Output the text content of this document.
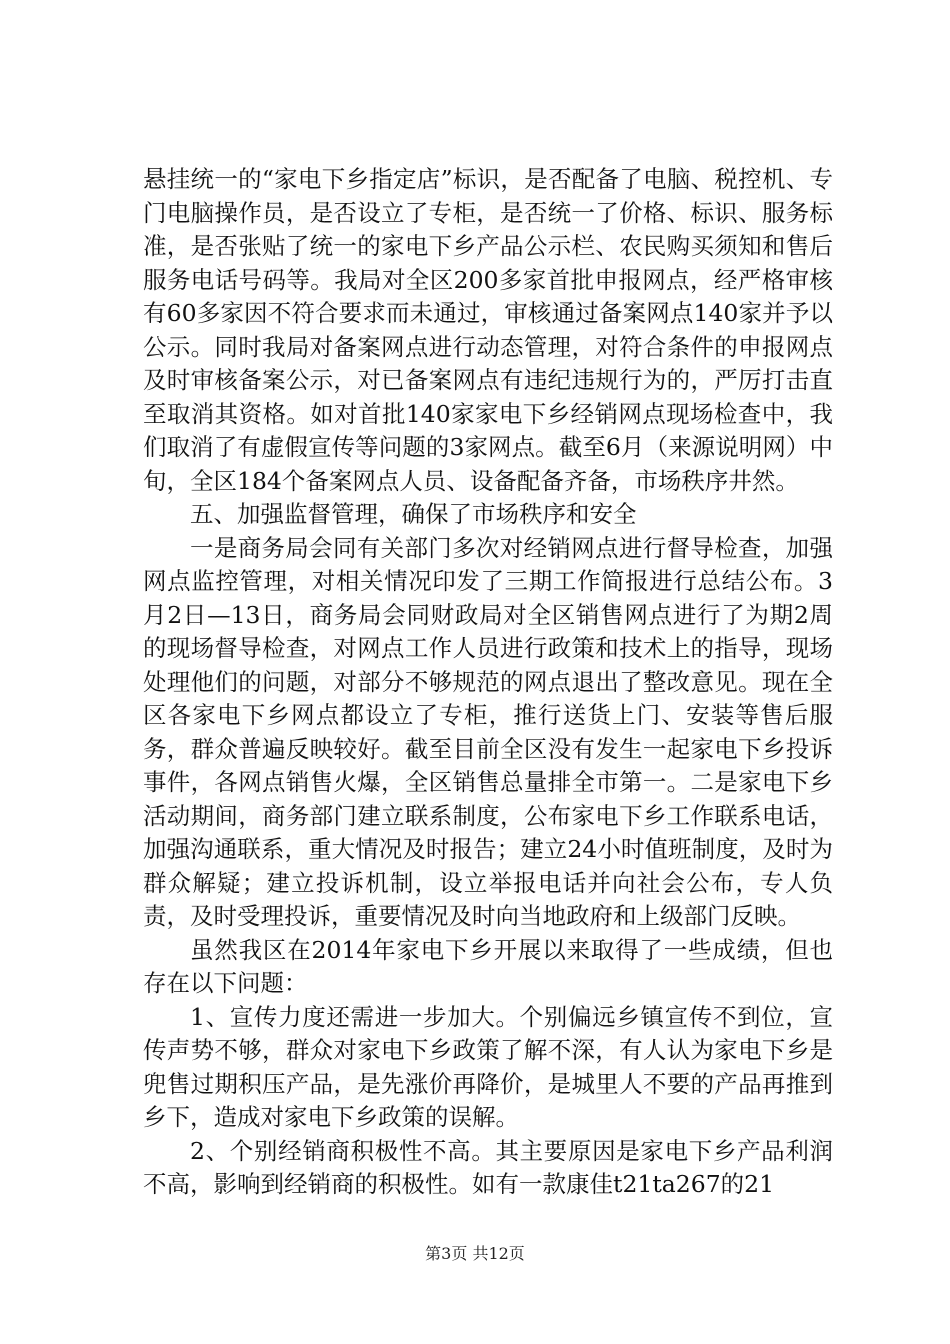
悬挂统一的“家电下乡指定店”标识，是否配备了电脑、税控机、专门电脑操作员，是否设立了专柜，是否统一了价格、标识、服务标准，是否张贴了统一的家电下乡产品公示栏、农民购买须知和售后服务电话号码等。我局对全区200多家首批申报网点，经严格审核有60多家因不符合要求而未通过，审核通过备案网点140家并予以公示。同时我局对备案网点进行动态管理，对符合条件的申报网点及时审核备案公示，对已备案网点有违纪违规行为的，严厉打击直至取消其资格。如对首批140家家电下乡经销网点现场检查中，我们取消了有虚假宣传等问题的3家网点。截至6月（来源说明网）中旬，全区184个备案网点人员、设备配备齐备，市场秩序井然。

五、加强监督管理，确保了市场秩序和安全

一是商务局会同有关部门多次对经销网点进行督导检查，加强网点监控管理，对相关情况印发了三期工作简报进行总结公布。3月2日—13日，商务局会同财政局对全区销售网点进行了为期2周的现场督导检查，对网点工作人员进行政策和技术上的指导，现场处理他们的问题，对部分不够规范的网点退出了整改意见。现在全区各家电下乡网点都设立了专柜，推行送货上门、安装等售后服务，群众普遍反映较好。截至目前全区没有发生一起家电下乡投诉事件，各网点销售火爆，全区销售总量排全市第一。二是家电下乡活动期间，商务部门建立联系制度，公布家电下乡工作联系电话，加强沟通联系，重大情况及时报告；建立24小时值班制度，及时为群众解疑；建立投诉机制，设立举报电话并向社会公布，专人负责，及时受理投诉，重要情况及时向当地政府和上级部门反映。

虽然我区在2014年家电下乡开展以来取得了一些成绩，但也存在以下问题：

1、宣传力度还需进一步加大。个别偏远乡镇宣传不到位，宣传声势不够，群众对家电下乡政策了解不深，有人认为家电下乡是兜售过期积压产品，是先涨价再降价，是城里人不要的产品再推到乡下，造成对家电下乡政策的误解。

2、个别经销商积极性不高。其主要原因是家电下乡产品利润不高，影响到经销商的积极性。如有一款康佳t21ta267的21

第3页 共12页
